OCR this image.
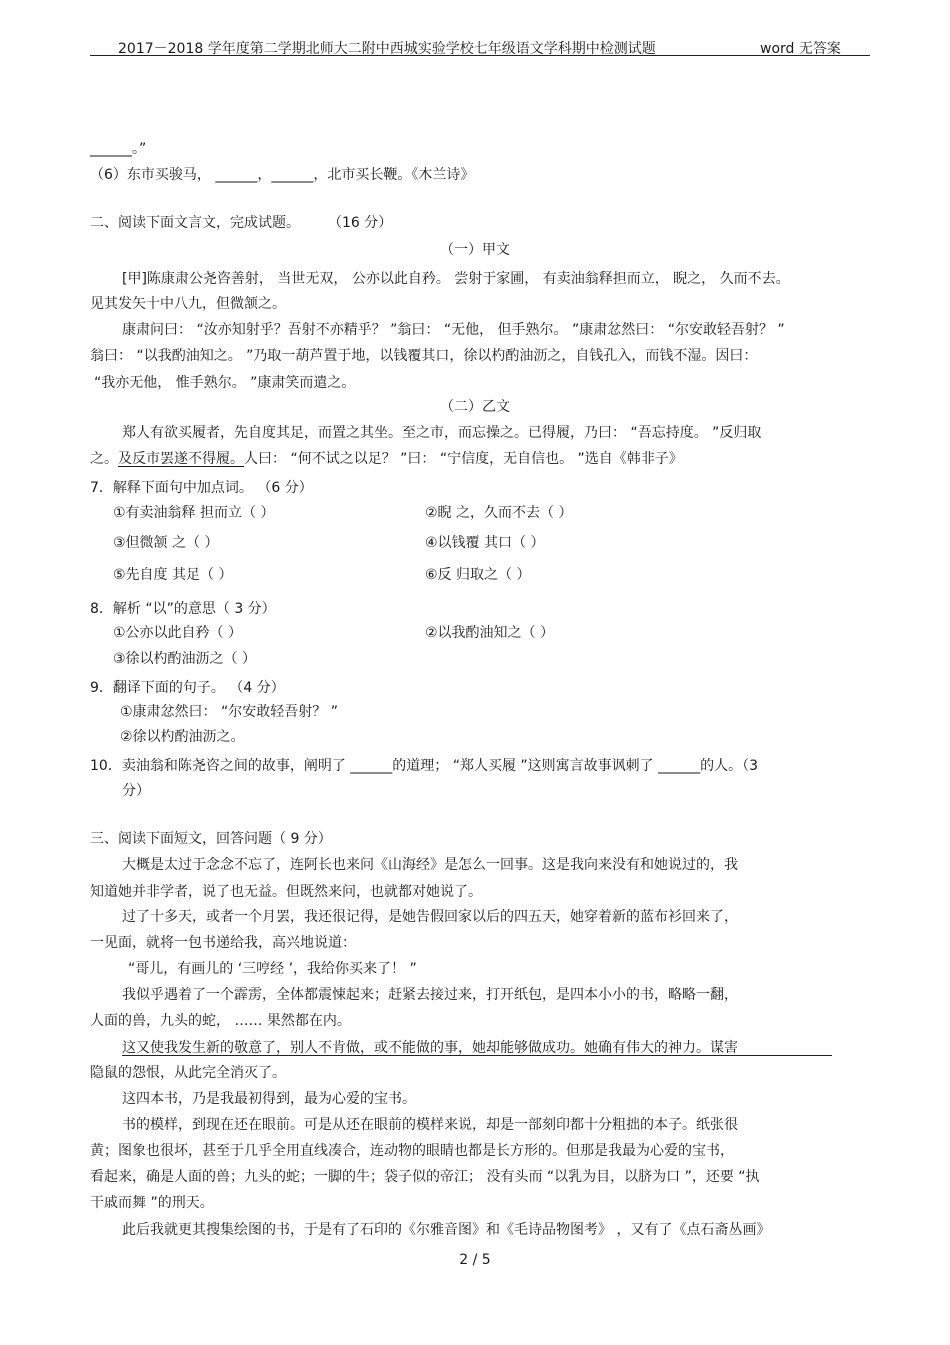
2017－2018 学年度第二学期北师大二附中西城实验学校七年级语文学科期中检测试题	word 无答案
______。”
（6）东市买骏马， ______，______，北市买长鞭。《木兰诗》
二、阅读下面文言文，完成试题。 （16 分）
（一）甲文
[甲]陈康肃公尧咨善射， 当世无双， 公亦以此自矜。 尝射于家圃， 有卖油翁释担而立， 睨之， 久而不去。
见其发矢十中八九，但微颔之。
康肃问曰： “汝亦知射乎？吾射不亦精乎？ ”翁曰： “无他， 但手熟尔。 ”康肃忿然曰： “尔安敢轻吾射？ ”
翁曰： “以我酌油知之。 ”乃取一葫芦置于地，以钱覆其口，徐以杓酌油沥之，自钱孔入，而钱不湿。因曰：
“我亦无他， 惟手熟尔。 ”康肃笑而遣之。
（二）乙文
郑人有欲买履者，先自度其足，而置之其坐。至之市，而忘操之。已得履，乃曰： “吾忘持度。 ”反归取
之。及反市罢遂不得履。人曰： “何不试之以足？ ”曰： “宁信度，无自信也。 ”选自《韩非子》
7．解释下面句中加点词。 （6 分）
①有卖油翁释 担而立（ ）	②睨 之，久而不去（ ）
③但微颔 之（ ）	④以钱覆 其口（ ）
⑤先自度 其足（ ）	⑥反 归取之（ ）
8．解析 “以”的意思（ 3 分）
①公亦以此自矜（ ）	②以我酌油知之（ ）
③徐以杓酌油沥之（ ）
9．翻译下面的句子。 （4 分）
①康肃忿然曰： “尔安敢轻吾射？ ”
②徐以杓酌油沥之。
10．卖油翁和陈尧咨之间的故事，阐明了 ______的道理； “郑人买履 ”这则寓言故事讽刺了 ______的人。（3
分）
三、阅读下面短文，回答问题（ 9 分）
大概是太过于念念不忘了，连阿长也来问《山海经》是怎么一回事。这是我向来没有和她说过的，我
知道她并非学者，说了也无益。但既然来问，也就都对她说了。
过了十多天，或者一个月罢，我还很记得，是她告假回家以后的四五天，她穿着新的蓝布衫回来了，
一见面，就将一包书递给我，高兴地说道：
“哥儿，有画儿的 ‘三哼经 ’，我给你买来了！ ”
我似乎遇着了一个霹雳，全体都震悚起来；赶紧去接过来，打开纸包，是四本小小的书，略略一翻，
人面的兽，九头的蛇， …… 果然都在内。
这又使我发生新的敬意了，别人不肯做，或不能做的事，她却能够做成功。她确有伟大的神力。谋害
隐鼠的怨恨，从此完全消灭了。
这四本书，乃是我最初得到，最为心爱的宝书。
书的模样，到现在还在眼前。可是从还在眼前的模样来说，却是一部刻印都十分粗拙的本子。纸张很
黄；图象也很坏，甚至于几乎全用直线凑合，连动物的眼睛也都是长方形的。但那是我最为心爱的宝书，
看起来，确是人面的兽；九头的蛇；一脚的牛；袋子似的帝江； 没有头而 “以乳为目，以脐为口 ”，还要 “执
干戚而舞 ”的刑天。
此后我就更其搜集绘图的书，于是有了石印的《尔雅音图》和《毛诗品物图考》 ，又有了《点石斋丛画》
2 / 5
